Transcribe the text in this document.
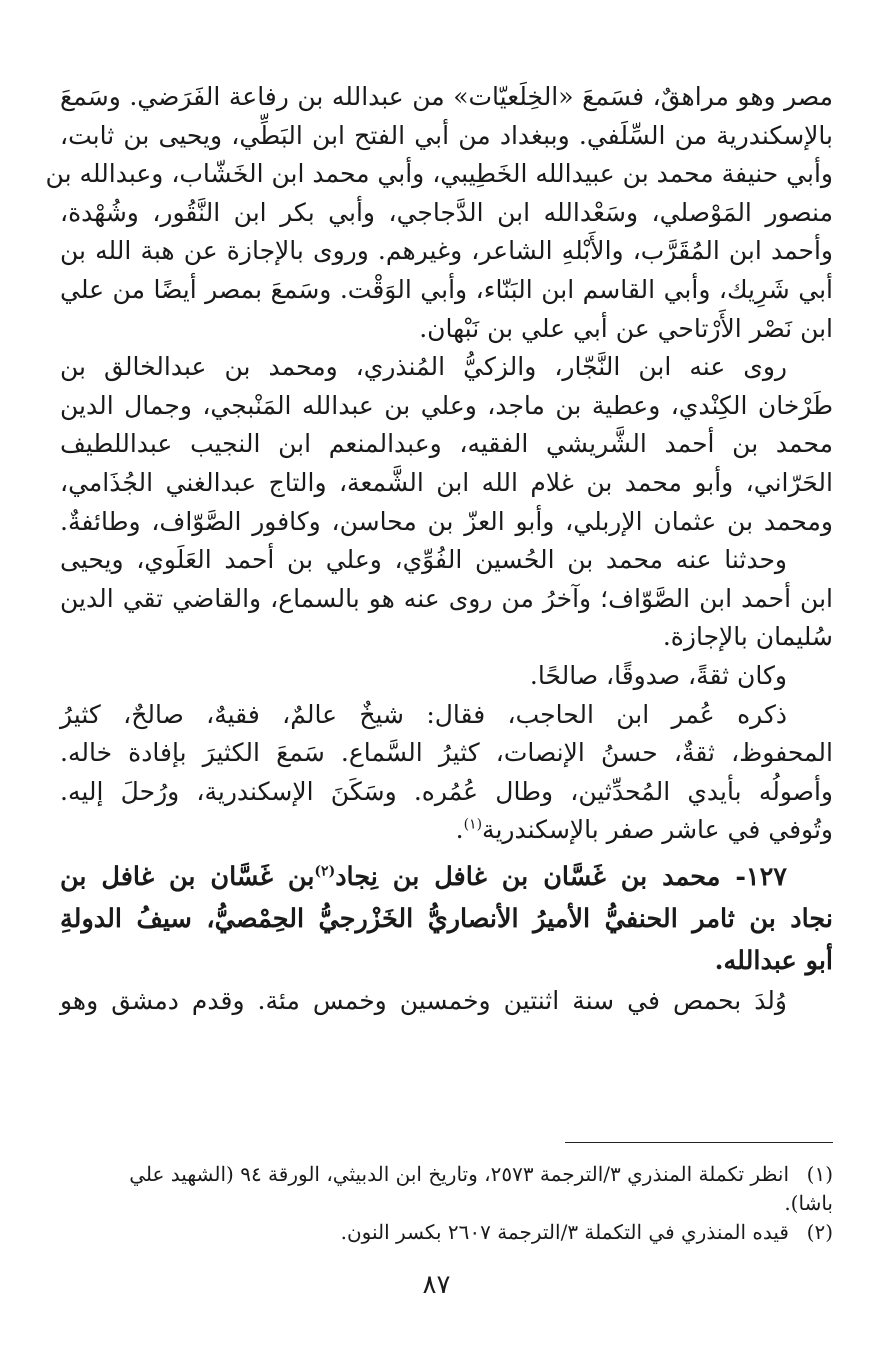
مصر وهو مراهقٌ، فسَمعَ «الخِلَعيّات» من عبدالله بن رفاعة الفَرَضي. وسَمعَ
بالإسكندرية من السِّلَفي. وببغداد من أبي الفتح ابن البَطِّي، ويحيى بن ثابت،
وأبي حنيفة محمد بن عبيدالله الخَطِيبي، وأبي محمد ابن الخَشّاب، وعبدالله بن
منصور المَوْصلي، وسَعْدالله ابن الدَّجاجي، وأبي بكر ابن النَّقُور، وشُهْدة،
وأحمد ابن المُقَرَّب، والأَبْلهِ الشاعر، وغيرهم. وروى بالإجازة عن هبة الله بن
أبي شَرِيك، وأبي القاسم ابن البَنّاء، وأبي الوَقْت. وسَمعَ بمصر أيضًا من علي
ابن نَصْر الأَرْتاحي عن أبي علي بن نَبْهان.
روى عنه ابن النَّجّار، والزكيُّ المُنذري، ومحمد بن عبدالخالق بن
طَرْخان الكِنْدي، وعطية بن ماجد، وعلي بن عبدالله المَنْبجي، وجمال الدين
محمد بن أحمد الشَّريشي الفقيه، وعبدالمنعم ابن النجيب عبداللطيف
الحَرّاني، وأبو محمد بن غلام الله ابن الشَّمعة، والتاج عبدالغني الجُذَامي،
ومحمد بن عثمان الإربلي، وأبو العزّ بن محاسن، وكافور الصَّوّاف، وطائفةٌ.
وحدثنا عنه محمد بن الحُسين الفُوِّي، وعلي بن أحمد العَلَوي، ويحيى
ابن أحمد ابن الصَّوّاف؛ وآخرُ من روى عنه هو بالسماع، والقاضي تقي الدين
سُليمان بالإجازة.
وكان ثقةً، صدوقًا، صالحًا.
ذكره عُمر ابن الحاجب، فقال: شيخٌ عالمٌ، فقيهٌ، صالحٌ، كثيرُ
المحفوظ، ثقةٌ، حسنُ الإنصات، كثيرُ السَّماع. سَمعَ الكثيرَ بإفادة خاله.
وأصولُه بأيدي المُحدِّثين، وطال عُمُره. وسَكَنَ الإسكندرية، ورُحلَ إليه.
وتُوفي في عاشر صفر بالإسكندرية$^{(١)}$.
١٢٧- محمد بن غَسَّان بن غافل بن نِجاد$^{(٢)}$بن غَسَّان بن غافل بن
نجاد بن ثامر الحنفيُّ الأميرُ الأنصاريُّ الخَزْرجيُّ الحِمْصيُّ، سيفُ الدولةِ
أبو عبدالله.
وُلدَ بحمص في سنة اثنتين وخمسين وخمس مئة. وقدم دمشق وهو
(١)انظر تكملة المنذري ٣/الترجمة ٢٥٧٣، وتاريخ ابن الدبيثي، الورقة ٩٤ (الشهيد علي
باشا).
(٢)قيده المنذري في التكملة ٣/الترجمة ٢٦٠٧ بكسر النون.
٨٧
